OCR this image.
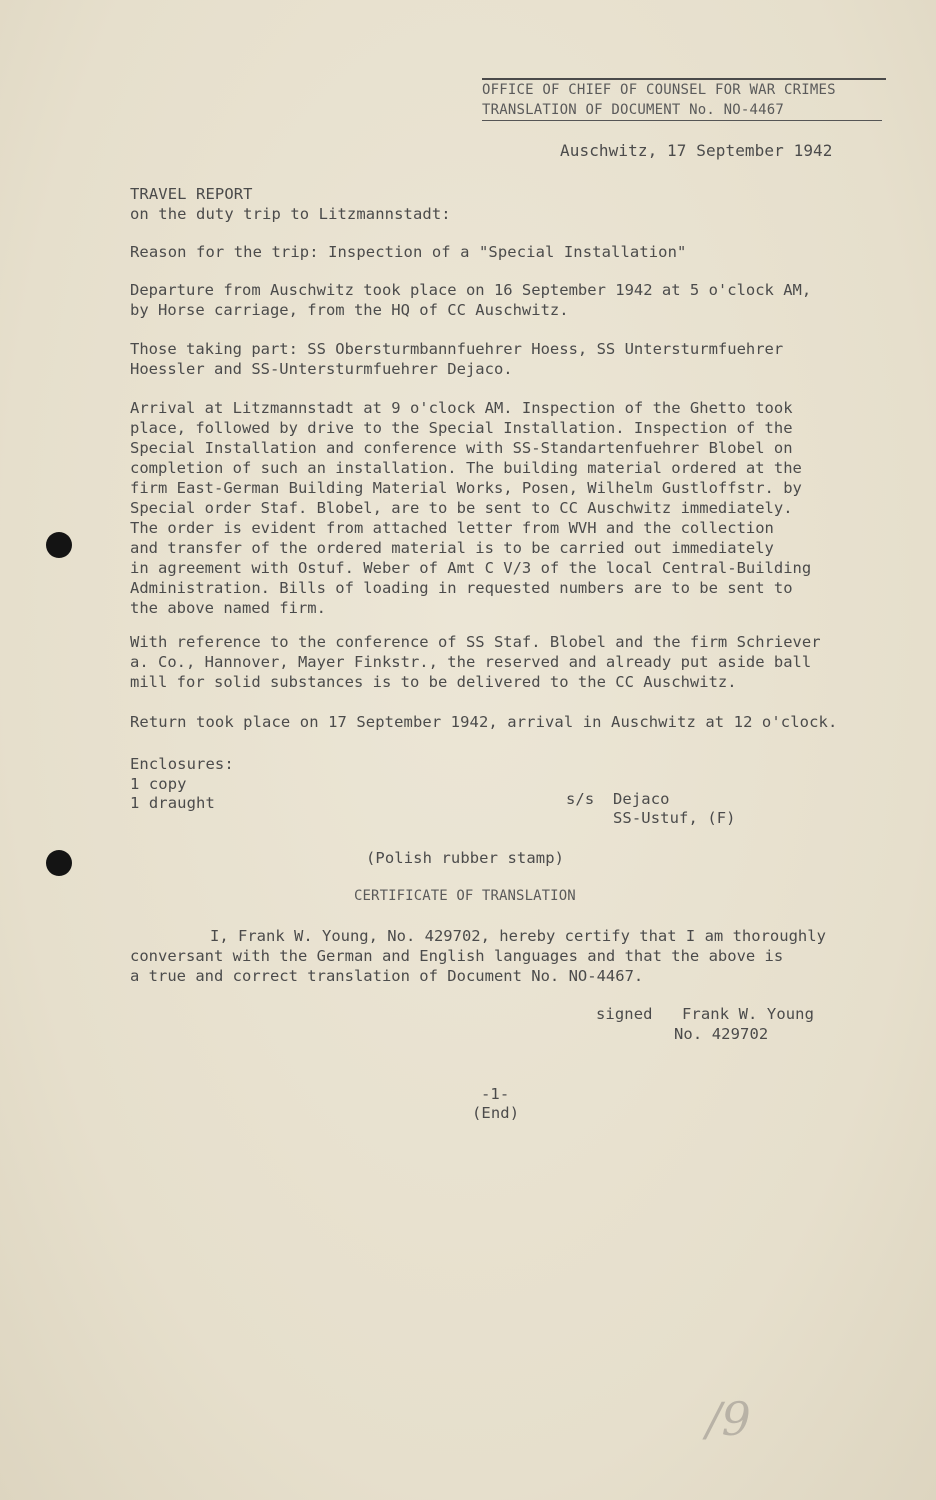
OFFICE OF CHIEF OF COUNSEL FOR WAR CRIMES
TRANSLATION OF DOCUMENT No. NO-4467
Auschwitz, 17 September 1942
TRAVEL REPORT
on the duty trip to Litzmannstadt:
Reason for the trip: Inspection of a "Special Installation"
Departure from Auschwitz took place on 16 September 1942 at 5 o'clock AM,
by Horse carriage, from the HQ of CC Auschwitz.
Those taking part: SS Obersturmbannfuehrer Hoess, SS Untersturmfuehrer
Hoessler and SS-Untersturmfuehrer Dejaco.
Arrival at Litzmannstadt at 9 o'clock AM. Inspection of the Ghetto took
place, followed by drive to the Special Installation. Inspection of the
Special Installation and conference with SS-Standartenfuehrer Blobel on
completion of such an installation. The building material ordered at the
firm East-German Building Material Works, Posen, Wilhelm Gustloffstr. by
Special order Staf. Blobel, are to be sent to CC Auschwitz immediately.
The order is evident from attached letter from WVH and the collection
and transfer of the ordered material is to be carried out immediately
in agreement with Ostuf. Weber of Amt C V/3 of the local Central-Building
Administration. Bills of loading in requested numbers are to be sent to
the above named firm.
With reference to the conference of SS Staf. Blobel and the firm Schriever
a. Co., Hannover, Mayer Finkstr., the reserved and already put aside ball
mill for solid substances is to be delivered to the CC Auschwitz.
Return took place on 17 September 1942, arrival in Auschwitz at 12 o'clock.
Enclosures:
1 copy
1 draught	s/s Dejaco
SS-Ustuf, (F)
(Polish rubber stamp)
CERTIFICATE OF TRANSLATION
I, Frank W. Young, No. 429702, hereby certify that I am thoroughly
conversant with the German and English languages and that the above is
a true and correct translation of Document No. NO-4467.
signed Frank W. Young
No. 429702
-1-
(End)
/9
